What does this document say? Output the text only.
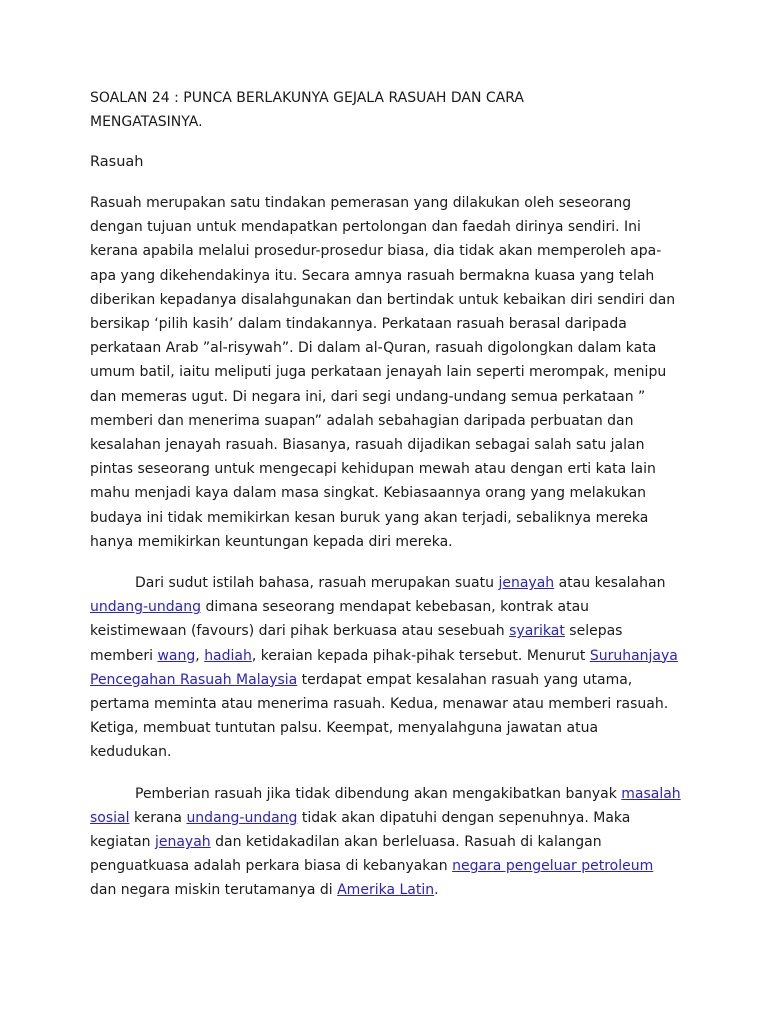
SOALAN 24 : PUNCA BERLAKUNYA GEJALA RASUAH DAN CARA
MENGATASINYA.

Rasuah

Rasuah merupakan satu tindakan pemerasan yang dilakukan oleh seseorang dengan tujuan untuk mendapatkan pertolongan dan faedah dirinya sendiri. Ini kerana apabila melalui prosedur-prosedur biasa, dia tidak akan memperoleh apa-apa yang dikehendakinya itu. Secara amnya rasuah bermakna kuasa yang telah diberikan kepadanya disalahgunakan dan bertindak untuk kebaikan diri sendiri dan bersikap ‘pilih kasih’ dalam tindakannya. Perkataan rasuah berasal daripada perkataan Arab ”al-risywah”. Di dalam al-Quran, rasuah digolongkan dalam kata umum batil, iaitu meliputi juga perkataan jenayah lain seperti merompak, menipu dan memeras ugut. Di negara ini, dari segi undang-undang semua perkataan ” memberi dan menerima suapan” adalah sebahagian daripada perbuatan dan kesalahan jenayah rasuah. Biasanya, rasuah dijadikan sebagai salah satu jalan pintas seseorang untuk mengecapi kehidupan mewah atau dengan erti kata lain mahu menjadi kaya dalam masa singkat. Kebiasaannya orang yang melakukan budaya ini tidak memikirkan kesan buruk yang akan terjadi, sebaliknya mereka hanya memikirkan keuntungan kepada diri mereka.

Dari sudut istilah bahasa, rasuah merupakan suatu jenayah atau kesalahan undang-undang dimana seseorang mendapat kebebasan, kontrak atau keistimewaan (favours) dari pihak berkuasa atau sesebuah syarikat selepas memberi wang, hadiah, keraian kepada pihak-pihak tersebut. Menurut Suruhanjaya Pencegahan Rasuah Malaysia terdapat empat kesalahan rasuah yang utama, pertama meminta atau menerima rasuah. Kedua, menawar atau memberi rasuah. Ketiga, membuat tuntutan palsu. Keempat, menyalahguna jawatan atua kedudukan.

Pemberian rasuah jika tidak dibendung akan mengakibatkan banyak masalah sosial kerana undang-undang tidak akan dipatuhi dengan sepenuhnya. Maka kegiatan jenayah dan ketidakadilan akan berleluasa. Rasuah di kalangan penguatkuasa adalah perkara biasa di kebanyakan negara pengeluar petroleum dan negara miskin terutamanya di Amerika Latin.
